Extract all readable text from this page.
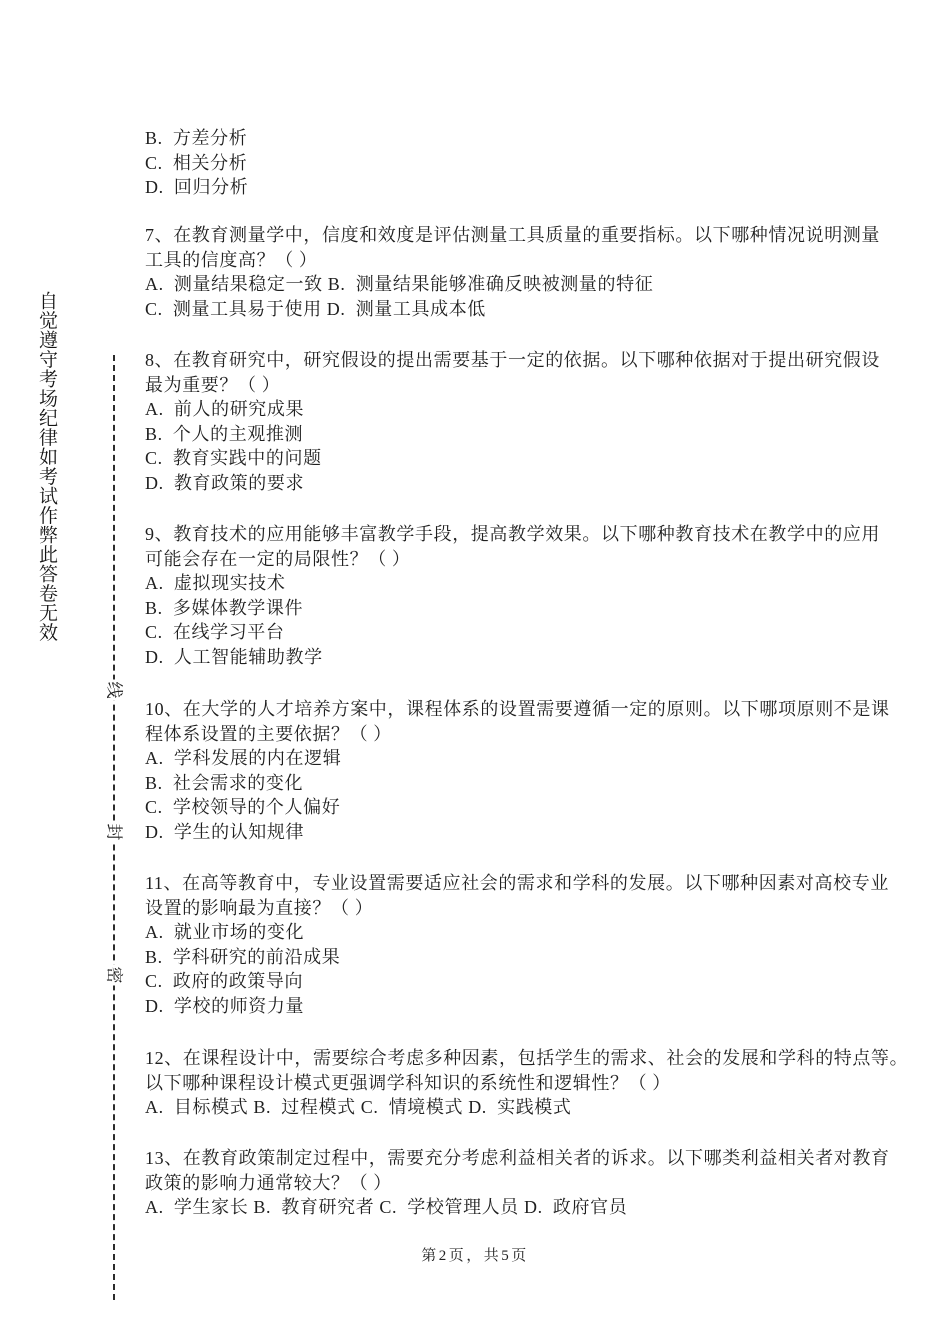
自觉遵守考场纪律如考试作弊此答卷无效
线
封
密
B.  方差分析
C.  相关分析
D.  回归分析
7、在教育测量学中，信度和效度是评估测量工具质量的重要指标。以下哪种情况说明测量
工具的信度高？（ ）
A.  测量结果稳定一致 B.  测量结果能够准确反映被测量的特征
C.  测量工具易于使用 D.  测量工具成本低
8、在教育研究中，研究假设的提出需要基于一定的依据。以下哪种依据对于提出研究假设
最为重要？（ ）
A.  前人的研究成果
B.  个人的主观推测
C.  教育实践中的问题
D.  教育政策的要求
9、教育技术的应用能够丰富教学手段，提高教学效果。以下哪种教育技术在教学中的应用
可能会存在一定的局限性？（ ）
A.  虚拟现实技术
B.  多媒体教学课件
C.  在线学习平台
D.  人工智能辅助教学
10、在大学的人才培养方案中，课程体系的设置需要遵循一定的原则。以下哪项原则不是课
程体系设置的主要依据？（ ）
A.  学科发展的内在逻辑
B.  社会需求的变化
C.  学校领导的个人偏好
D.  学生的认知规律
11、在高等教育中，专业设置需要适应社会的需求和学科的发展。以下哪种因素对高校专业
设置的影响最为直接？（ ）
A.  就业市场的变化
B.  学科研究的前沿成果
C.  政府的政策导向
D.  学校的师资力量
12、在课程设计中，需要综合考虑多种因素，包括学生的需求、社会的发展和学科的特点等。
以下哪种课程设计模式更强调学科知识的系统性和逻辑性？（ ）
A.  目标模式 B.  过程模式 C.  情境模式 D.  实践模式
13、在教育政策制定过程中，需要充分考虑利益相关者的诉求。以下哪类利益相关者对教育
政策的影响力通常较大？（ ）
A.  学生家长 B.  教育研究者 C.  学校管理人员 D.  政府官员
第2页，共5页
